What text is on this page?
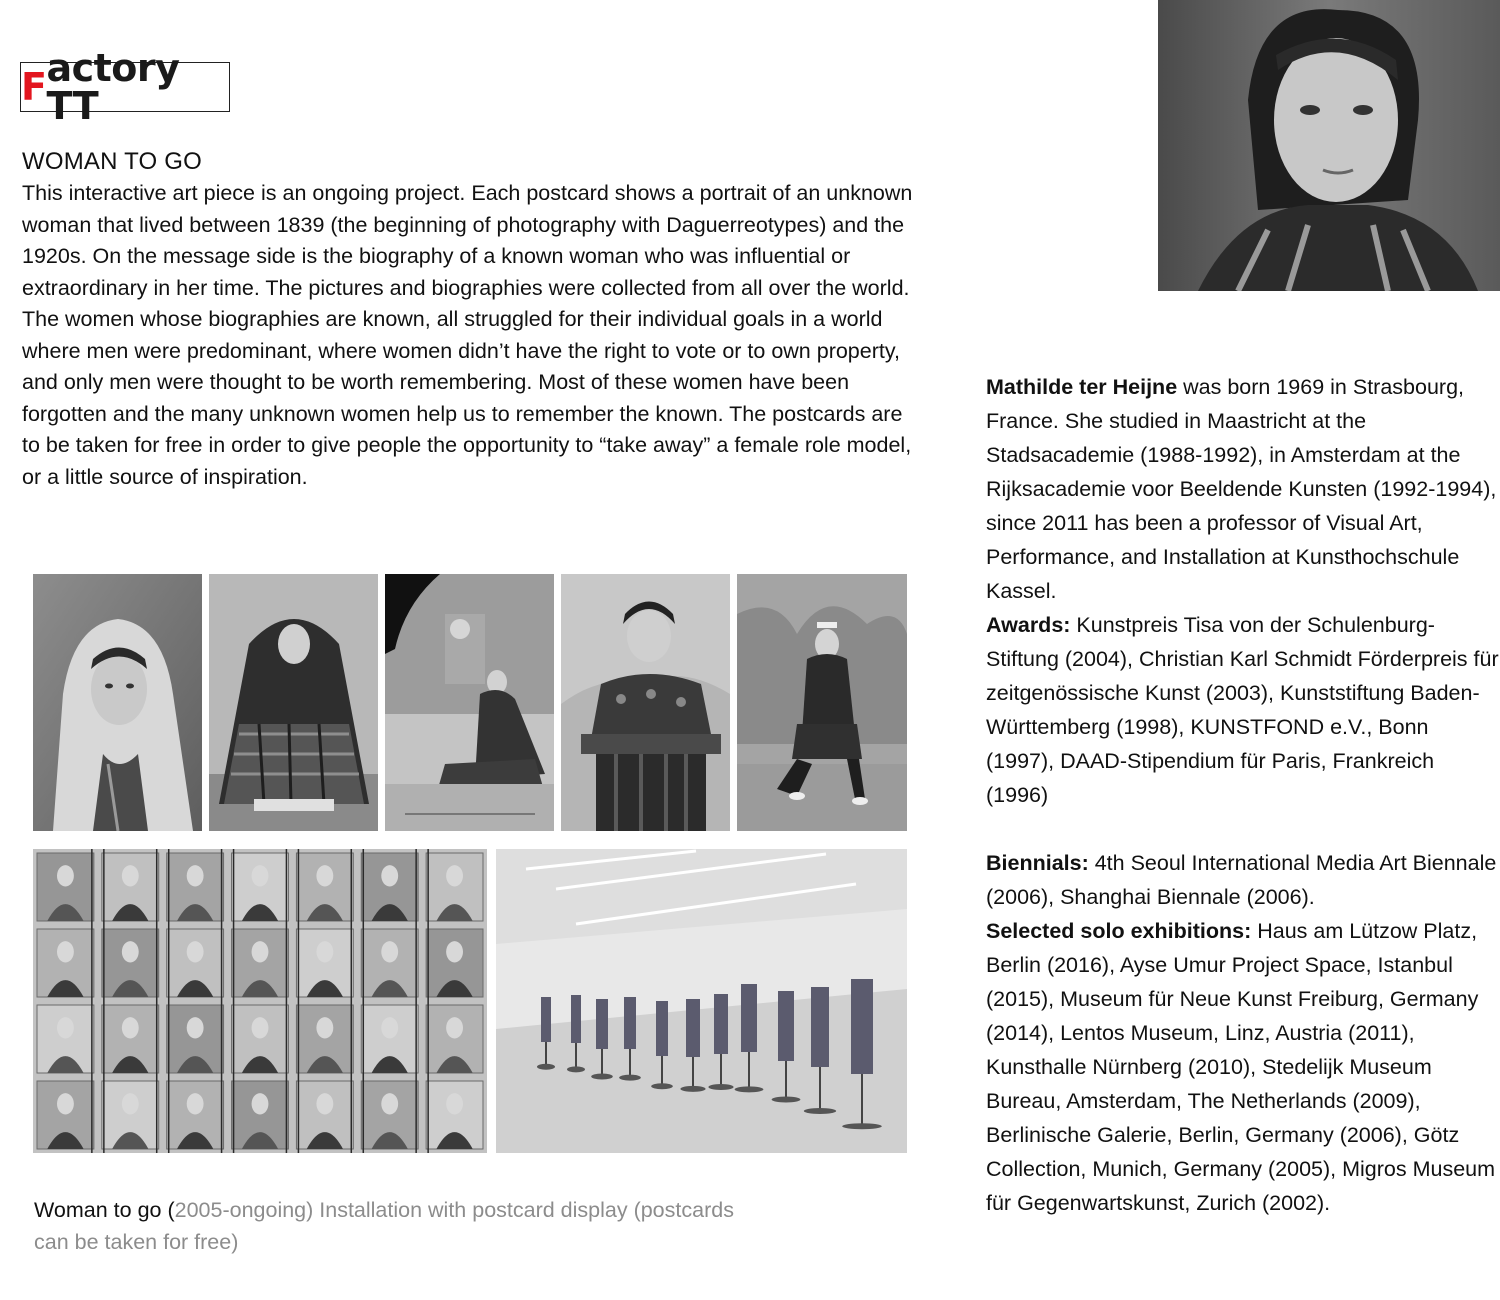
F actory TT
WOMAN TO GO

This interactive art piece is an ongoing project. Each postcard shows a portrait of an unknown woman that lived between 1839 (the beginning of photography with Daguerreotypes) and the 1920s. On the message side is the biography of a known woman who was influential or extraordinary in her time. The pictures and biographies were collected from all over the world. The women whose biographies are known, all struggled for their individual goals in a world where men were predominant, where women didn’t have the right to vote or to own property, and only men were thought to be worth remembering. Most of these women have been forgotten and the many unknown women help us to remember the known. The postcards are to be taken for free in order to give people the opportunity to “take away” a female role model, or a little source of inspiration.

Woman to go (2005-ongoing) Installation with postcard display (postcards can be taken for free)

Mathilde ter Heijne was born 1969 in Strasbourg, France. She studied in Maastricht at the Stadsacademie (1988-1992), in Amsterdam at the Rijksacademie voor Beeldende Kunsten (1992-1994), since 2011 has been a professor of Visual Art, Performance, and Installation at Kunsthochschule Kassel.

Awards: Kunstpreis Tisa von der Schulenburg-Stiftung (2004), Christian Karl Schmidt Förderpreis für zeitgenössische Kunst (2003), Kunststiftung Baden-Württemberg (1998), KUNSTFOND e.V., Bonn (1997), DAAD-Stipendium für Paris, Frankreich (1996)

Biennials: 4th Seoul International Media Art Biennale (2006), Shanghai Biennale (2006).

Selected solo exhibitions: Haus am Lützow Platz, Berlin (2016), Ayse Umur Project Space, Istanbul (2015), Museum für Neue Kunst Freiburg, Germany (2014), Lentos Museum, Linz, Austria (2011), Kunsthalle Nürnberg (2010), Stedelijk Museum Bureau, Amsterdam, The Netherlands (2009), Berlinische Galerie, Berlin, Germany (2006), Götz Collection, Munich, Germany (2005), Migros Museum für Gegenwartskunst, Zurich (2002).
